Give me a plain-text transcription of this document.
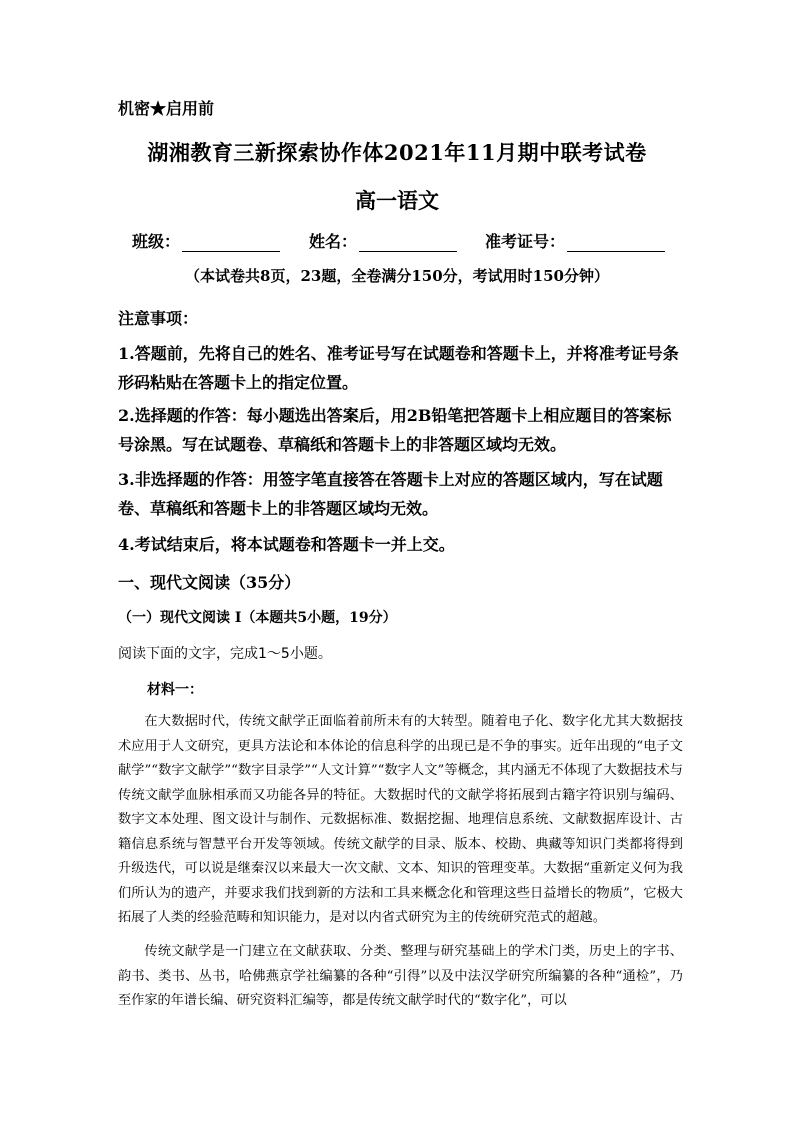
机密★启用前
湖湘教育三新探索协作体2021年11月期中联考试卷
高一语文
班级：	姓名：	准考证号：
（本试卷共8页，23题，全卷满分150分，考试用时150分钟）
注意事项：
1.答题前，先将自己的姓名、准考证号写在试题卷和答题卡上，并将准考证号条形码粘贴在答题卡上的指定位置。
2.选择题的作答：每小题选出答案后，用2B铅笔把答题卡上相应题目的答案标号涂黑。写在试题卷、草稿纸和答题卡上的非答题区域均无效。
3.非选择题的作答：用签字笔直接答在答题卡上对应的答题区域内，写在试题卷、草稿纸和答题卡上的非答题区域均无效。
4.考试结束后，将本试题卷和答题卡一并上交。
一、现代文阅读（35分）
（一）现代文阅读 I（本题共5小题，19分）
阅读下面的文字，完成1～5小题。
材料一：
在大数据时代，传统文献学正面临着前所未有的大转型。随着电子化、数字化尤其大数据技术应用于人文研究，更具方法论和本体论的信息科学的出现已是不争的事实。近年出现的“电子文献学”“数字文献学”“数字目录学”“人文计算”“数字人文”等概念，其内涵无不体现了大数据技术与传统文献学血脉相承而又功能各异的特征。大数据时代的文献学将拓展到古籍字符识别与编码、数字文本处理、图文设计与制作、元数据标准、数据挖掘、地理信息系统、文献数据库设计、古籍信息系统与智慧平台开发等领域。传统文献学的目录、版本、校勘、典藏等知识门类都将得到升级迭代，可以说是继秦汉以来最大一次文献、文本、知识的管理变革。大数据“重新定义何为我们所认为的遗产，并要求我们找到新的方法和工具来概念化和管理这些日益增长的物质”，它极大拓展了人类的经验范畴和知识能力，是对以内省式研究为主的传统研究范式的超越。
传统文献学是一门建立在文献获取、分类、整理与研究基础上的学术门类，历史上的字书、韵书、类书、丛书，哈佛燕京学社编纂的各种“引得”以及中法汉学研究所编纂的各种“通检”，乃至作家的年谱长编、研究资料汇编等，都是传统文献学时代的“数字化”，可以
